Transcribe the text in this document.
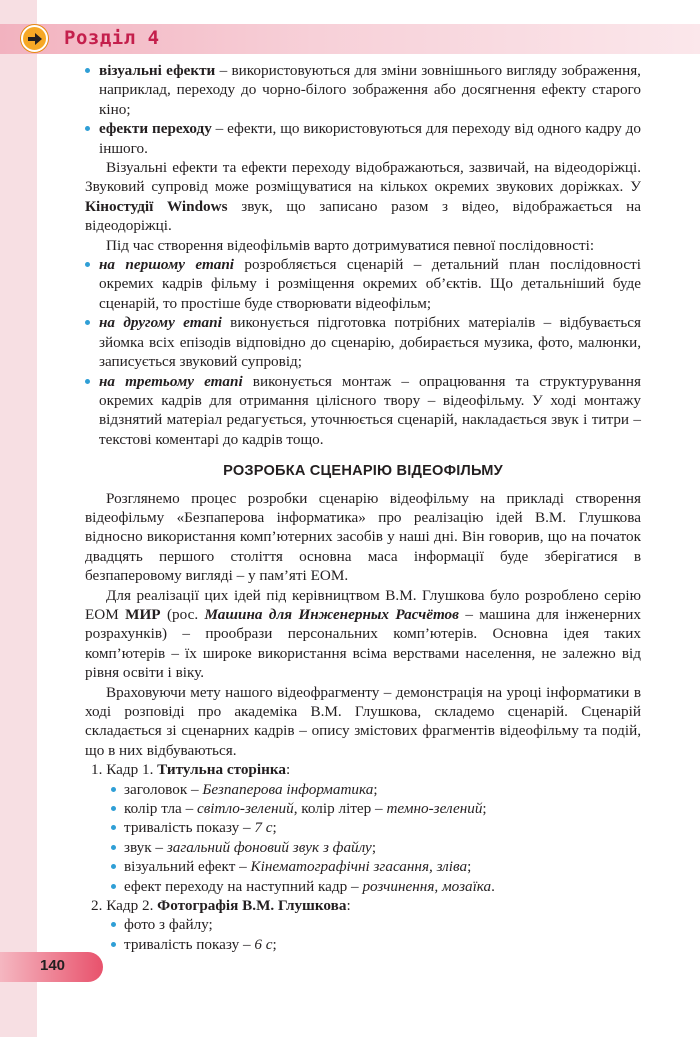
Розділ 4
візуальні ефекти – використовуються для зміни зовнішнього вигляду зображення, наприклад, переходу до чорно-білого зображення або досягнення ефекту старого кіно;
ефекти переходу – ефекти, що використовуються для переходу від одного кадру до іншого.
Візуальні ефекти та ефекти переходу відображаються, зазвичай, на відеодоріжці. Звуковий супровід може розміщуватися на кількох окремих звукових доріжках. У Кіностудії Windows звук, що записано разом з відео, відображається на відеодоріжці.
Під час створення відеофільмів варто дотримуватися певної послідовності:
на першому етапі розробляється сценарій – детальний план послідовності окремих кадрів фільму і розміщення окремих об’єктів. Що детальніший буде сценарій, то простіше буде створювати відеофільм;
на другому етапі виконується підготовка потрібних матеріалів – відбувається зйомка всіх епізодів відповідно до сценарію, добирається музика, фото, малюнки, записується звуковий супровід;
на третьому етапі виконується монтаж – опрацювання та структурування окремих кадрів для отримання цілісного твору – відеофільму. У ході монтажу відзнятий матеріал редагується, уточнюється сценарій, накладається звук і титри – текстові коментарі до кадрів тощо.
РОЗРОБКА СЦЕНАРІЮ ВІДЕОФІЛЬМУ
Розглянемо процес розробки сценарію відеофільму на прикладі створення відеофільму «Безпаперова інформатика» про реалізацію ідей В.М. Глушкова відносно використання комп’ютерних засобів у наші дні. Він говорив, що на початок двадцять першого століття основна маса інформації буде зберігатися в безпаперовому вигляді – у пам’яті ЕОМ.
Для реалізації цих ідей під керівництвом В.М. Глушкова було розроблено серію ЕОМ МИР (рос. Машина для Инженерных Расчётов – машина для інженерних розрахунків) – прообрази персональних комп’ютерів. Основна ідея таких комп’ютерів – їх широке використання всіма верствами населення, не залежно від рівня освіти і віку.
Враховуючи мету нашого відеофрагменту – демонстрація на уроці інформатики в ході розповіді про академіка В.М. Глушкова, складемо сценарій. Сценарій складається зі сценарних кадрів – опису змістових фрагментів відеофільму та подій, що в них відбуваються.
1. Кадр 1. Титульна сторінка:
заголовок – Безпаперова інформатика;
колір тла – світло-зелений, колір літер – темно-зелений;
тривалість показу – 7 с;
звук – загальний фоновий звук з файлу;
візуальний ефект – Кінематографічні згасання, зліва;
ефект переходу на наступний кадр – розчинення, мозаїка.
2. Кадр 2. Фотографія В.М. Глушкова:
фото з файлу;
тривалість показу – 6 с;
140
